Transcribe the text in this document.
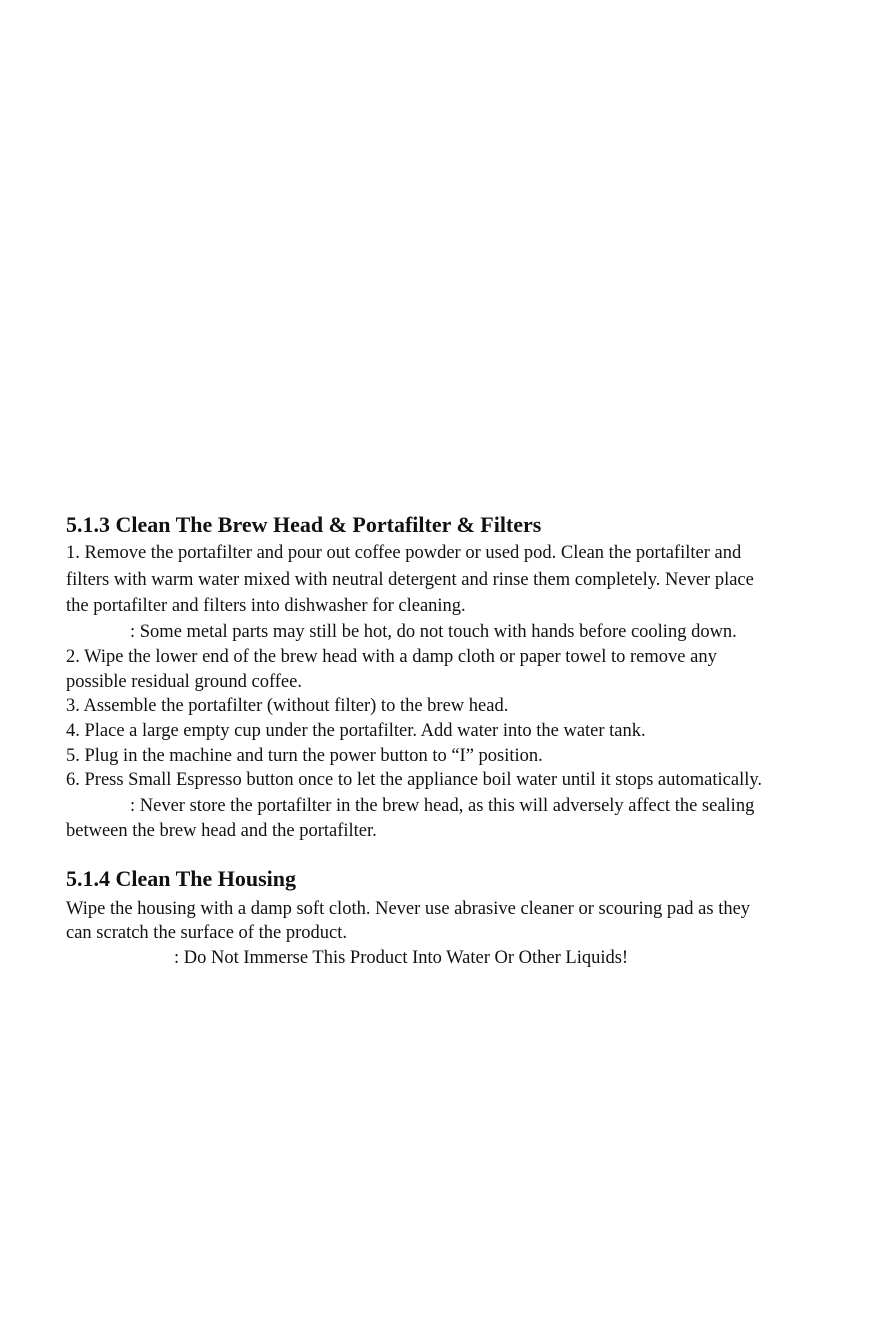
5.1.3 Clean The Brew Head & Portafilter & Filters

1. Remove the portafilter and pour out coffee powder or used pod. Clean the portafilter and

filters with warm water mixed with neutral detergent and rinse them completely. Never place

the portafilter and filters into dishwasher for cleaning.

: Some metal parts may still be hot, do not touch with hands before cooling down.

2. Wipe the lower end of the brew head with a damp cloth or paper towel to remove any

possible residual ground coffee.

3. Assemble the portafilter (without filter) to the brew head.

4. Place a large empty cup under the portafilter. Add water into the water tank.

5. Plug in the machine and turn the power button to “I” position.

6. Press Small Espresso button once to let the appliance boil water until it stops automatically.

: Never store the portafilter in the brew head, as this will adversely affect the sealing

between the brew head and the portafilter.

5.1.4 Clean The Housing

Wipe the housing with a damp soft cloth. Never use abrasive cleaner or scouring pad as they

can scratch the surface of the product.

: Do Not Immerse This Product Into Water Or Other Liquids!
